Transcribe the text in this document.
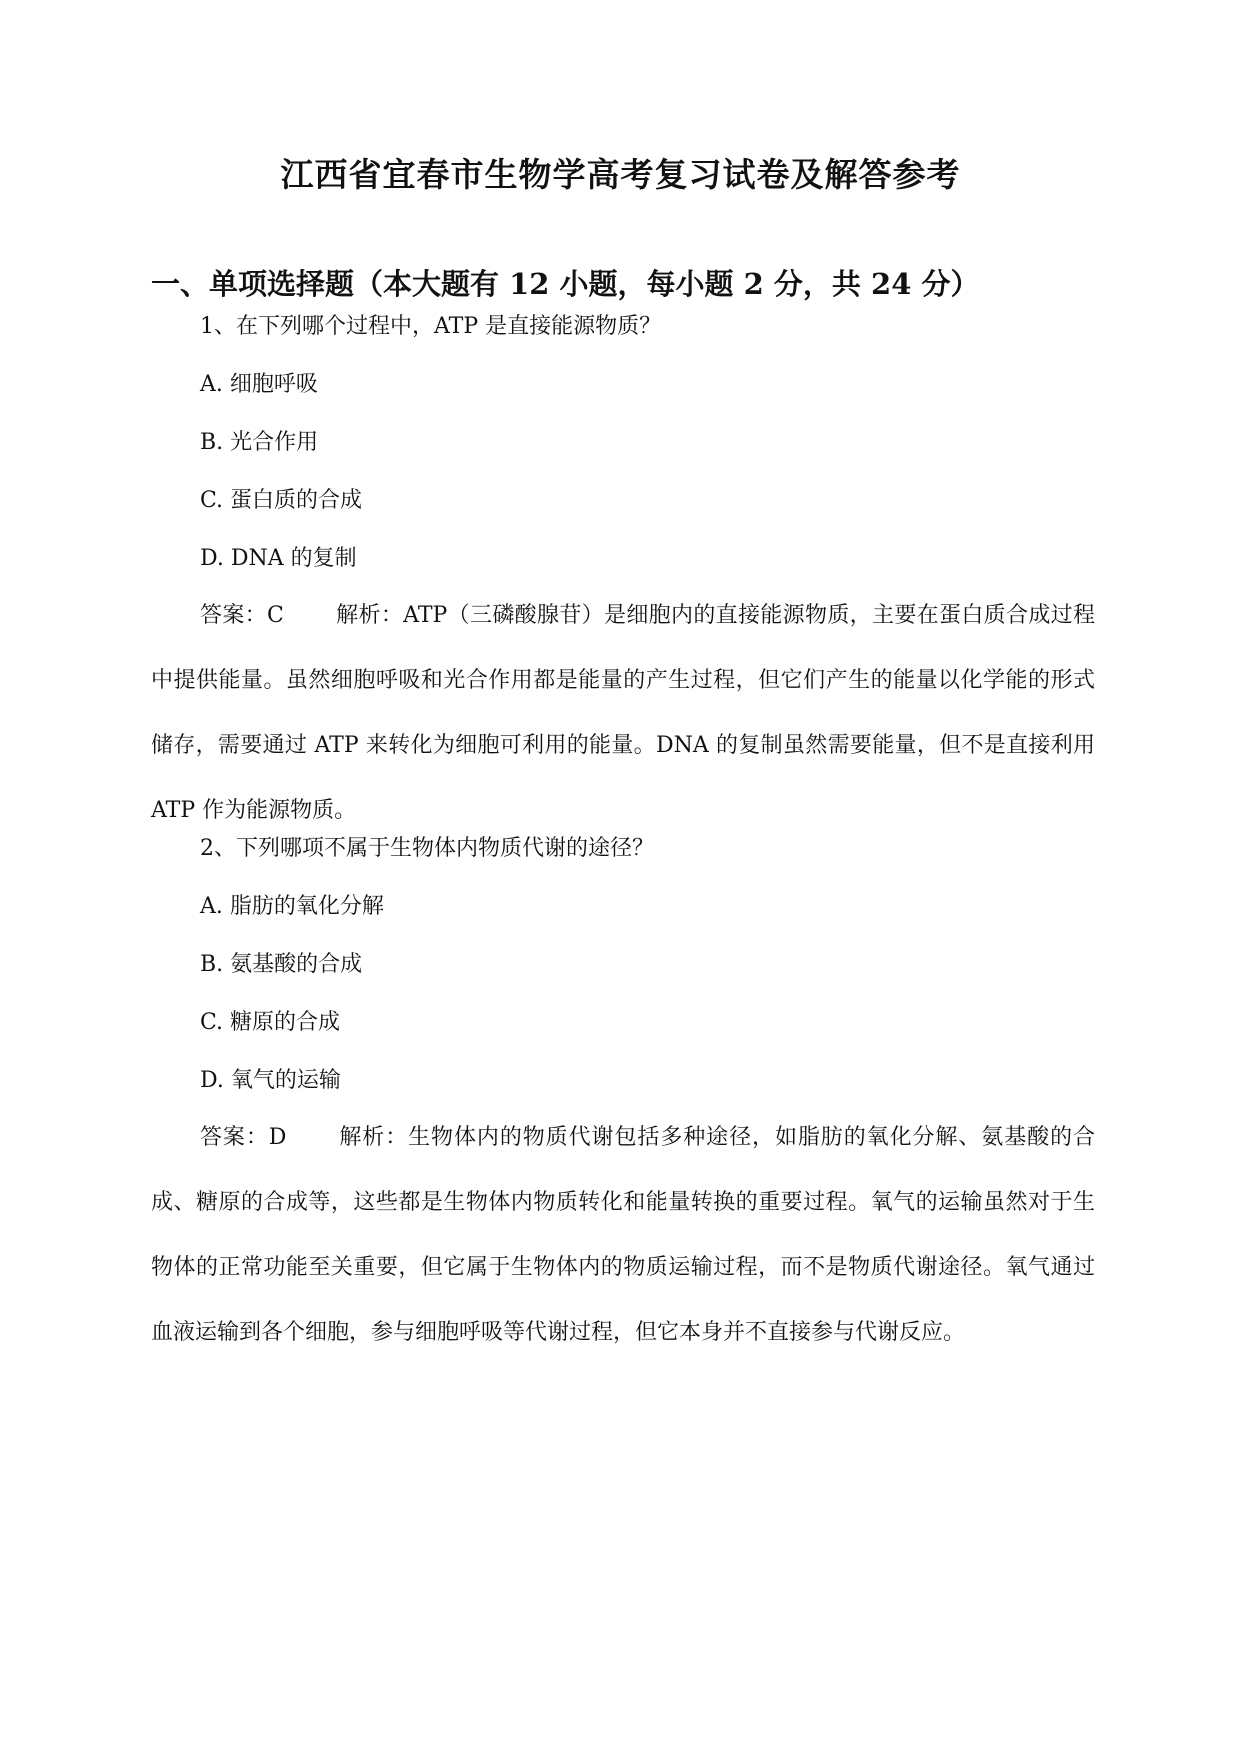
江西省宜春市生物学高考复习试卷及解答参考
一、单项选择题（本大题有 12 小题，每小题 2 分，共 24 分）

1、在下列哪个过程中，ATP 是直接能源物质？

A. 细胞呼吸

B. 光合作用

C. 蛋白质的合成

D. DNA 的复制

答案：C 解析：ATP（三磷酸腺苷）是细胞内的直接能源物质，主要在蛋白质合成过程中提供能量。虽然细胞呼吸和光合作用都是能量的产生过程，但它们产生的能量以化学能的形式储存，需要通过 ATP 来转化为细胞可利用的能量。DNA 的复制虽然需要能量，但不是直接利用 ATP 作为能源物质。

2、下列哪项不属于生物体内物质代谢的途径？

A. 脂肪的氧化分解

B. 氨基酸的合成

C. 糖原的合成

D. 氧气的运输

答案：D 解析：生物体内的物质代谢包括多种途径，如脂肪的氧化分解、氨基酸的合成、糖原的合成等，这些都是生物体内物质转化和能量转换的重要过程。氧气的运输虽然对于生物体的正常功能至关重要，但它属于生物体内的物质运输过程，而不是物质代谢途径。氧气通过血液运输到各个细胞，参与细胞呼吸等代谢过程，但它本身并不直接参与代谢反应。
